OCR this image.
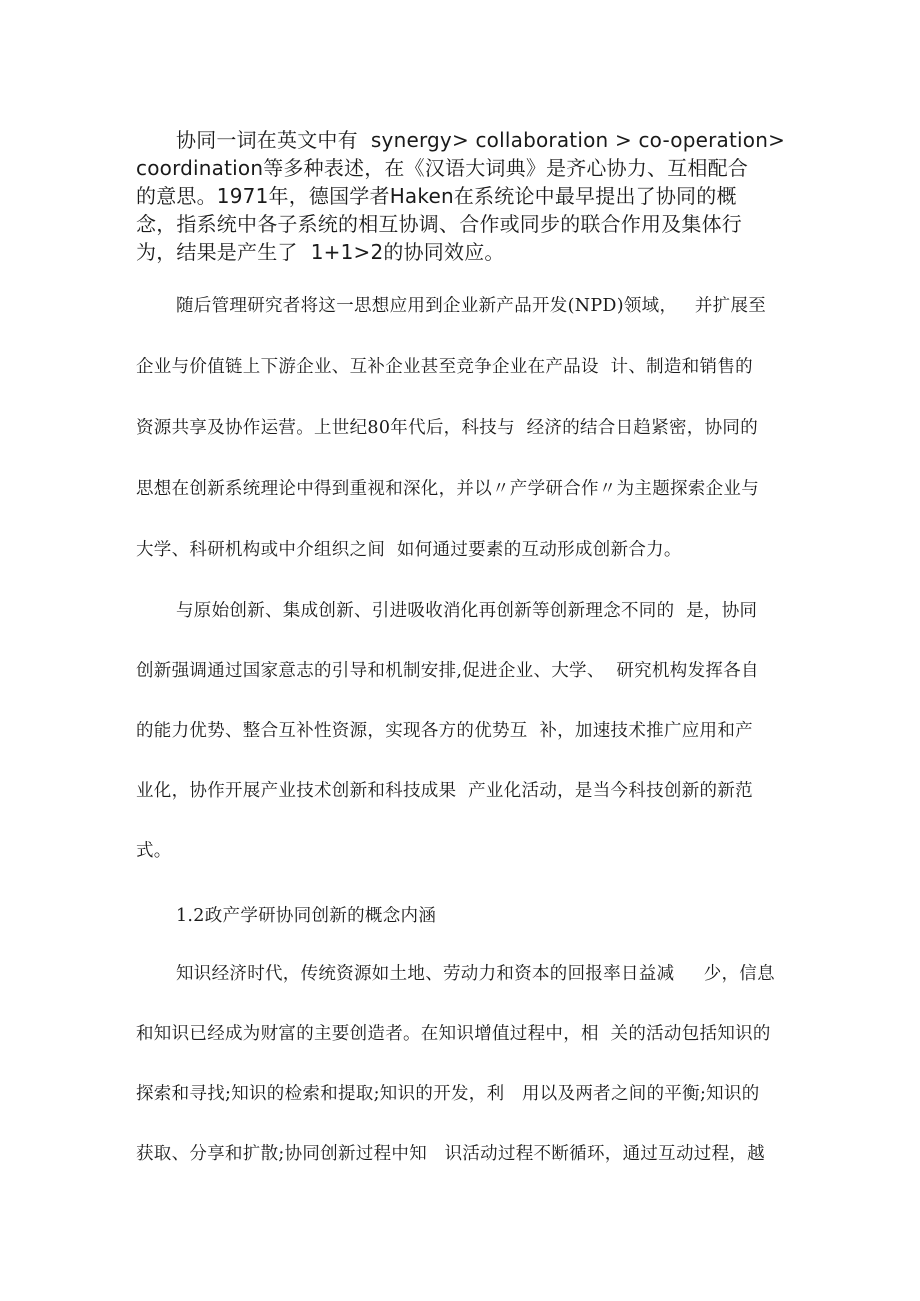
协同一词在英文中有  synergy> collaboration > co-operation>
coordination等多种表述，在《汉语大词典》是齐心协力、互相配合
的意思。1971年，德国学者Haken在系统论中最早提出了协同的概
念，指系统中各子系统的相互协调、合作或同步的联合作用及集体行
为，结果是产生了  1+1>2的协同效应。
随后管理研究者将这一思想应用到企业新产品开发(NPD)领域，   并扩展至
企业与价值链上下游企业、互补企业甚至竞争企业在产品设  计、制造和销售的
资源共享及协作运营。上世纪80年代后，科技与  经济的结合日趋紧密，协同的
思想在创新系统理论中得到重视和深化，并以〃产学研合作〃为主题探索企业与
大学、科研机构或中介组织之间  如何通过要素的互动形成创新合力。
与原始创新、集成创新、引进吸收消化再创新等创新理念不同的  是，协同
创新强调通过国家意志的引导和机制安排,促进企业、大学、  研究机构发挥各自
的能力优势、整合互补性资源，实现各方的优势互  补，加速技术推广应用和产
业化，协作开展产业技术创新和科技成果  产业化活动，是当今科技创新的新范
式。
1.2政产学研协同创新的概念内涵
知识经济时代，传统资源如土地、劳动力和资本的回报率日益减     少，信息
和知识已经成为财富的主要创造者。在知识增值过程中，相  关的活动包括知识的
探索和寻找;知识的检索和提取;知识的开发，利   用以及两者之间的平衡;知识的
获取、分享和扩散;协同创新过程中知   识活动过程不断循环，通过互动过程，越
